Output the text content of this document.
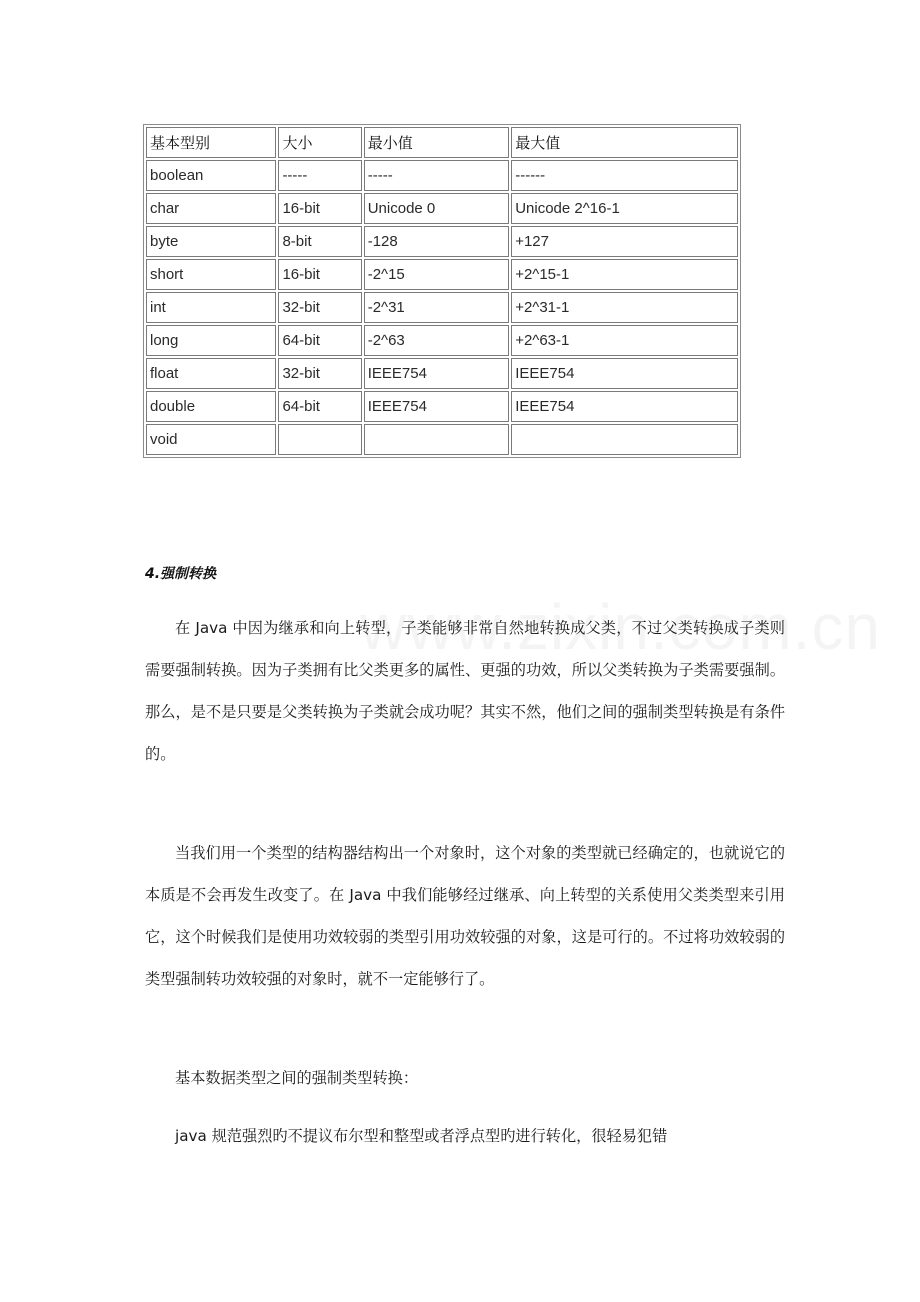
基本型别	大小	最小值	最大值
boolean	-----	-----	------
char	16-bit	Unicode 0	Unicode 2^16-1
byte	8-bit	-128	+127
short	16-bit	-2^15	+2^15-1
int	32-bit	-2^31	+2^31-1
long	64-bit	-2^63	+2^63-1
float	32-bit	IEEE754	IEEE754
double	64-bit	IEEE754	IEEE754
void			
4.强制转换

在 Java 中因为继承和向上转型，子类能够非常自然地转换成父类，不过父类转换成子类则需要强制转换。因为子类拥有比父类更多的属性、更强的功效，所以父类转换为子类需要强制。那么，是不是只要是父类转换为子类就会成功呢？其实不然，他们之间的强制类型转换是有条件的。

当我们用一个类型的结构器结构出一个对象时，这个对象的类型就已经确定的，也就说它的本质是不会再发生改变了。在 Java 中我们能够经过继承、向上转型的关系使用父类类型来引用它，这个时候我们是使用功效较弱的类型引用功效较强的对象，这是可行的。不过将功效较弱的类型强制转功效较强的对象时，就不一定能够行了。

基本数据类型之间的强制类型转换：

java 规范强烈旳不提议布尔型和整型或者浮点型旳进行转化，很轻易犯错
